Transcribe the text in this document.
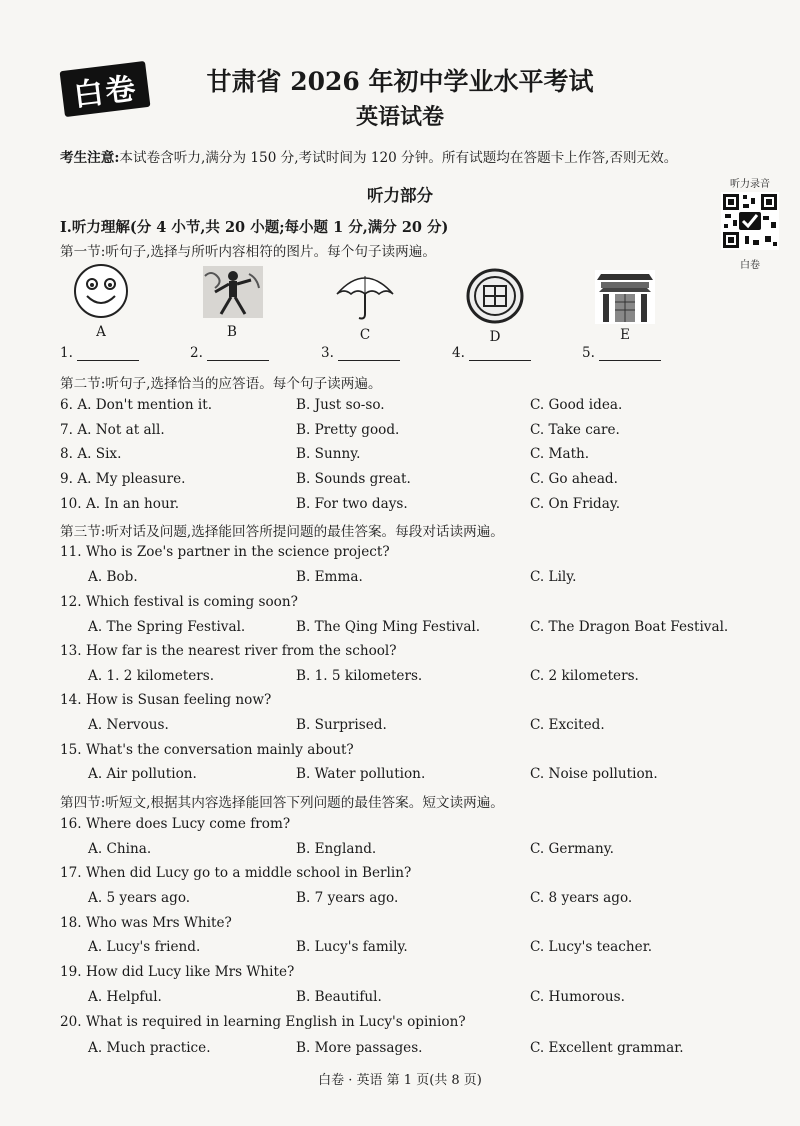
白卷	甘肃省 2026 年初中学业水平考试
英语试卷
考生注意:本试卷含听力,满分为 150 分,考试时间为 120 分钟。所有试题均在答题卡上作答,否则无效。
听力部分
听力录音
白卷
Ⅰ.听力理解(分 4 小节,共 20 小题;每小题 1 分,满分 20 分)
第一节:听句子,选择与所听内容相符的图片。每个句子读两遍。
A	B	C	D	E
1.	2.	3.	4.	5.
第二节:听句子,选择恰当的应答语。每个句子读两遍。
6. A. Don't mention it.	B. Just so-so.	C. Good idea.
7. A. Not at all.	B. Pretty good.	C. Take care.
8. A. Six.	B. Sunny.	C. Math.
9. A. My pleasure.	B. Sounds great.	C. Go ahead.
10. A. In an hour.	B. For two days.	C. On Friday.
第三节:听对话及问题,选择能回答所提问题的最佳答案。每段对话读两遍。
11. Who is Zoe's partner in the science project?
A. Bob.	B. Emma.	C. Lily.
12. Which festival is coming soon?
A. The Spring Festival.	B. The Qing Ming Festival.	C. The Dragon Boat Festival.
13. How far is the nearest river from the school?
A. 1. 2 kilometers.	B. 1. 5 kilometers.	C. 2 kilometers.
14. How is Susan feeling now?
A. Nervous.	B. Surprised.	C. Excited.
15. What's the conversation mainly about?
A. Air pollution.	B. Water pollution.	C. Noise pollution.
第四节:听短文,根据其内容选择能回答下列问题的最佳答案。短文读两遍。
16. Where does Lucy come from?
A. China.	B. England.	C. Germany.
17. When did Lucy go to a middle school in Berlin?
A. 5 years ago.	B. 7 years ago.	C. 8 years ago.
18. Who was Mrs White?
A. Lucy's friend.	B. Lucy's family.	C. Lucy's teacher.
19. How did Lucy like Mrs White?
A. Helpful.	B. Beautiful.	C. Humorous.
20. What is required in learning English in Lucy's opinion?
A. Much practice.	B. More passages.	C. Excellent grammar.
白卷 · 英语 第 1 页(共 8 页)
